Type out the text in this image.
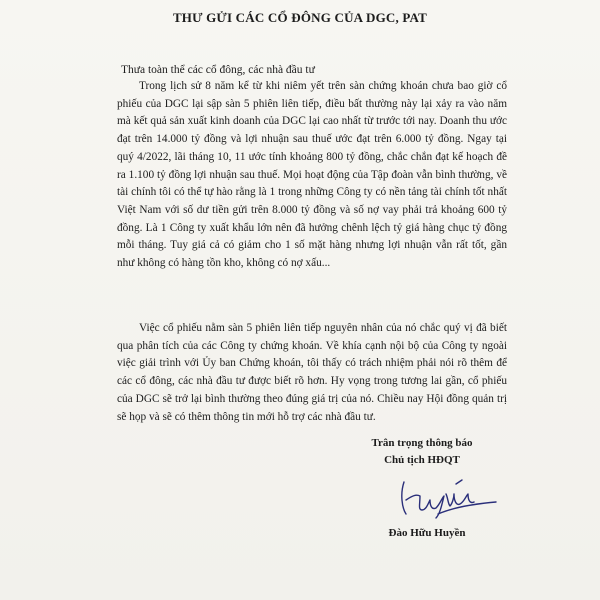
THƯ GỬI CÁC CỔ ĐÔNG CỦA DGC, PAT
Thưa toàn thể các cổ đông, các nhà đầu tư

Trong lịch sử 8 năm kể từ khi niêm yết trên sàn chứng khoán chưa bao giờ cổ phiếu của DGC lại sập sàn 5 phiên liên tiếp, điều bất thường này lại xảy ra vào năm mà kết quả sản xuất kinh doanh của DGC lại cao nhất từ trước tới nay. Doanh thu ước đạt trên 14.000 tỷ đồng và lợi nhuận sau thuế ước đạt trên 6.000 tỷ đồng. Ngay tại quý 4/2022, lãi tháng 10, 11 ước tính khoảng 800 tỷ đồng, chắc chắn đạt kế hoạch đề ra 1.100 tỷ đồng lợi nhuận sau thuế. Mọi hoạt động của Tập đoàn vẫn bình thường, về tài chính tôi có thể tự hào rằng là 1 trong những Công ty có nền tảng tài chính tốt nhất Việt Nam với số dư tiền gửi trên 8.000 tỷ đồng và số nợ vay phải trả khoảng 600 tỷ đồng. Là 1 Công ty xuất khẩu lớn nên đã hưởng chênh lệch tỷ giá hàng chục tỷ đồng mỗi tháng. Tuy giá cả có giảm cho 1 số mặt hàng nhưng lợi nhuận vẫn rất tốt, gần như không có hàng tồn kho, không có nợ xấu...

Việc cổ phiếu nằm sàn 5 phiên liên tiếp nguyên nhân của nó chắc quý vị đã biết qua phân tích của các Công ty chứng khoán. Về khía cạnh nội bộ của Công ty ngoài việc giải trình với Ủy ban Chứng khoán, tôi thấy có trách nhiệm phải nói rõ thêm để các cổ đông, các nhà đầu tư được biết rõ hơn. Hy vọng trong tương lai gần, cổ phiếu của DGC sẽ trở lại bình thường theo đúng giá trị của nó. Chiều nay Hội đồng quản trị sẽ họp và sẽ có thêm thông tin mới hỗ trợ các nhà đầu tư.

Trân trọng thông báo
Chủ tịch HĐQT
Đào Hữu Huyền
